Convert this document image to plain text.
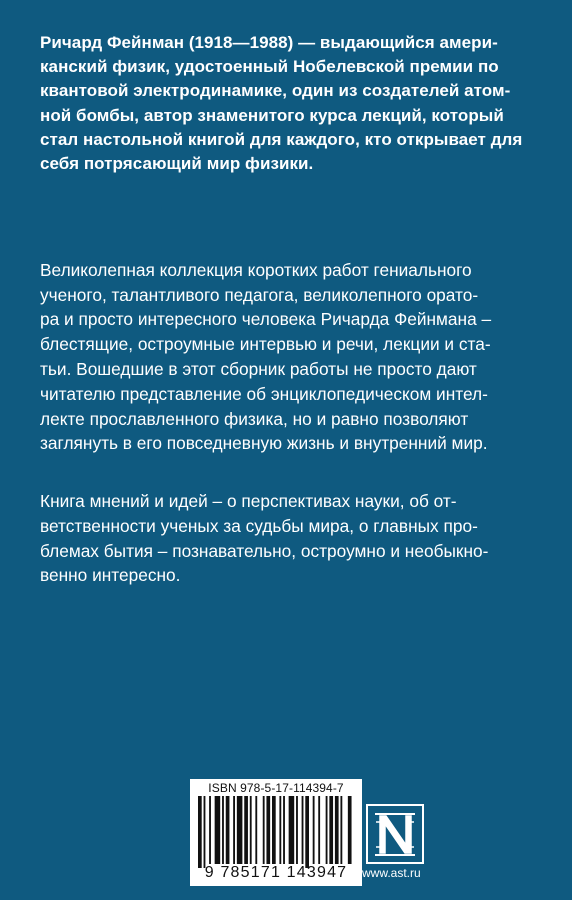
Ричард Фейнман (1918—1988) — выдающийся амери-
канский физик, удостоенный Нобелевской премии по
квантовой электродинамике, один из создателей атом-
ной бомбы, автор знаменитого курса лекций, который
стал настольной книгой для каждого, кто открывает для
себя потрясающий мир физики.

Великолепная коллекция коротких работ гениального
ученого, талантливого педагога, великолепного орато-
ра и просто интересного человека Ричарда Фейнмана –
блестящие, остроумные интервью и речи, лекции и ста-
тьи. Вошедшие в этот сборник работы не просто дают
читателю представление об энциклопедическом интел-
лекте прославленного физика, но и равно позволяют
заглянуть в его повседневную жизнь и внутренний мир.

Книга мнений и идей – о перспективах науки, об от-
ветственности ученых за судьбы мира, о главных про-
блемах бытия – познавательно, остроумно и необыкно-
венно интересно.

ISBN 978-5-17-114394-7
9 785171 143947	www.ast.ru
